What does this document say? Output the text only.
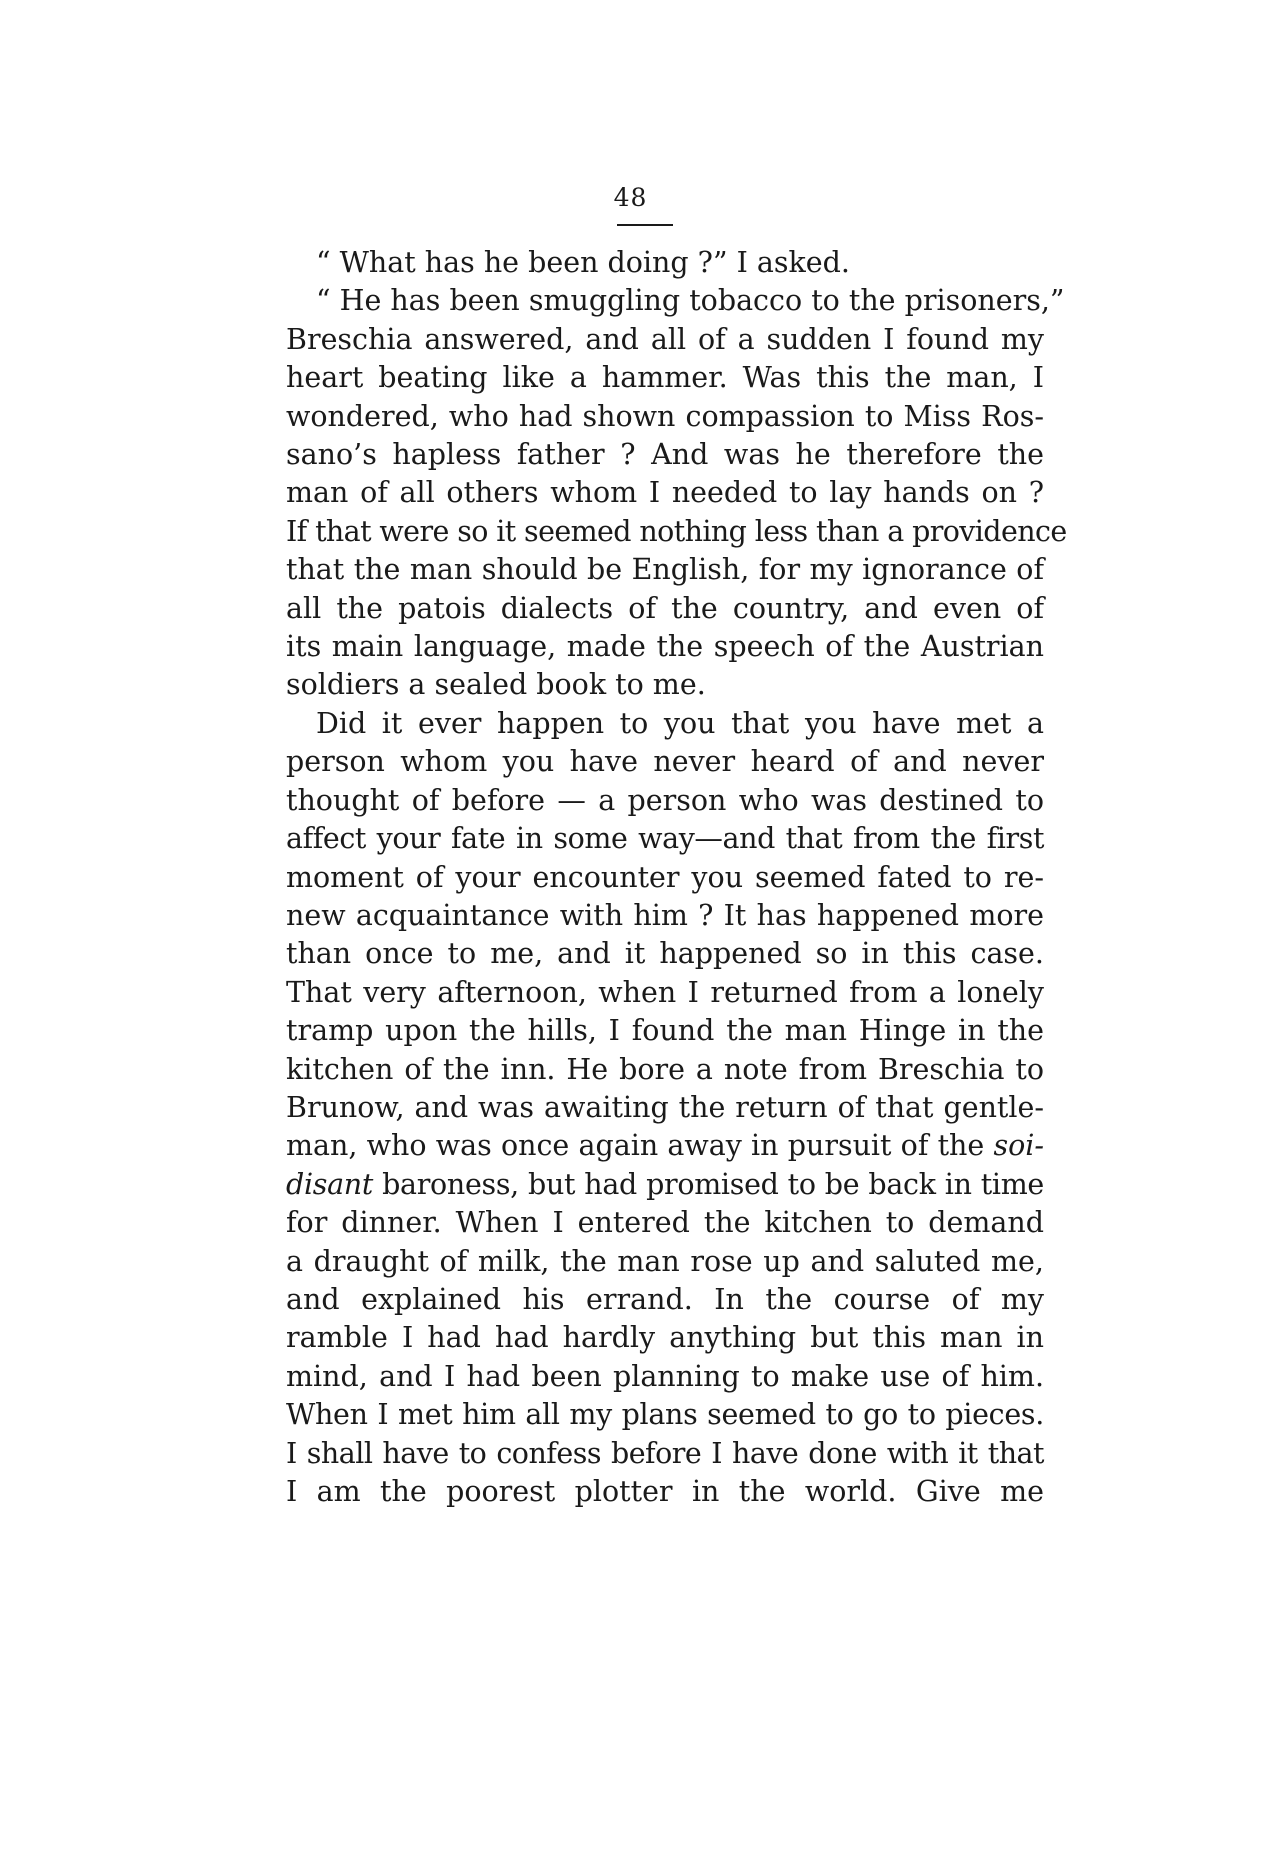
48
“ What has he been doing ?” I asked.
“ He has been smuggling tobacco to the prisoners,”
Breschia answered, and all of a sudden I found my
heart beating like a hammer. Was this the man, I
wondered, who had shown compassion to Miss Ros-
sano’s hapless father ? And was he therefore the
man of all others whom I needed to lay hands on ?
If that were so it seemed nothing less than a providence
that the man should be English, for my ignorance of
all the patois dialects of the country, and even of
its main language, made the speech of the Austrian
soldiers a sealed book to me.
Did it ever happen to you that you have met a
person whom you have never heard of and never
thought of before — a person who was destined to
affect your fate in some way—and that from the first
moment of your encounter you seemed fated to re-
new acquaintance with him ? It has happened more
than once to me, and it happened so in this case.
That very afternoon, when I returned from a lonely
tramp upon the hills, I found the man Hinge in the
kitchen of the inn. He bore a note from Breschia to
Brunow, and was awaiting the return of that gentle-
man, who was once again away in pursuit of the soi-
disant baroness, but had promised to be back in time
for dinner. When I entered the kitchen to demand
a draught of milk, the man rose up and saluted me,
and explained his errand. In the course of my
ramble I had had hardly anything but this man in
mind, and I had been planning to make use of him.
When I met him all my plans seemed to go to pieces.
I shall have to confess before I have done with it that
I am the poorest plotter in the world. Give me
